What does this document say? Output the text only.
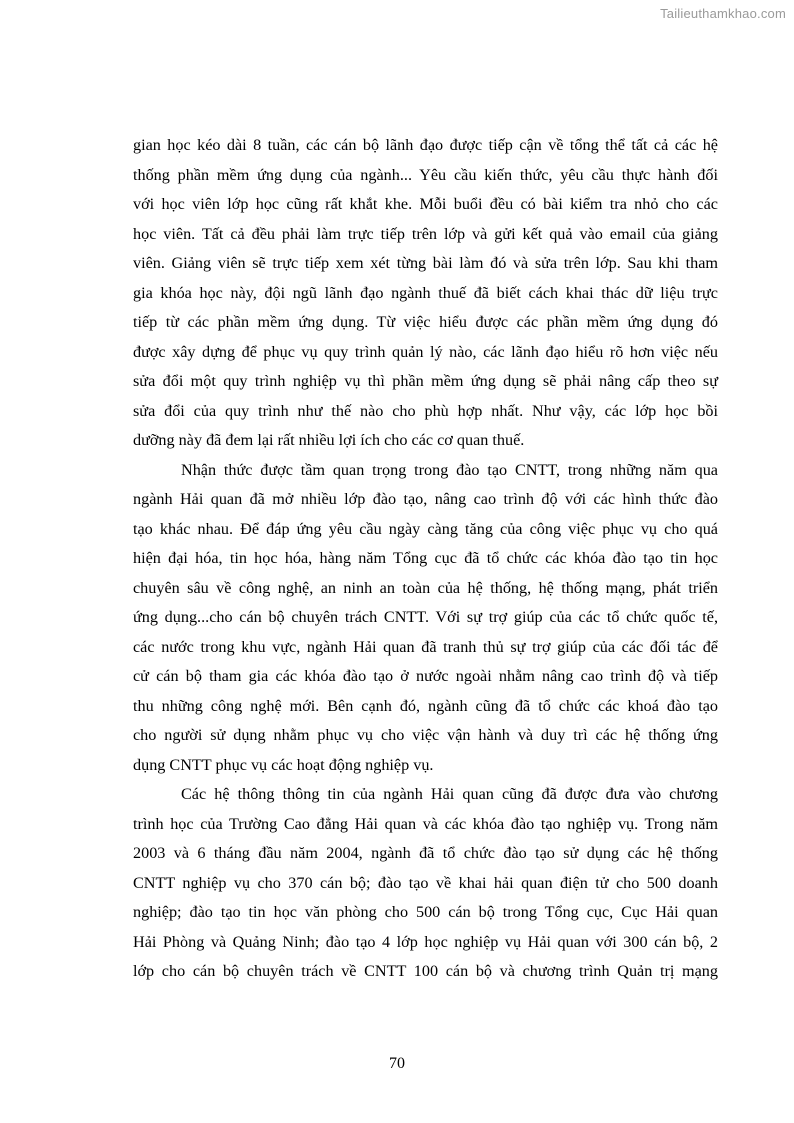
Tailieuthamkhao.com
gian học kéo dài 8 tuần, các cán bộ lãnh đạo được tiếp cận về tổng thể tất cả các hệ
thống phần mềm ứng dụng của ngành... Yêu cầu kiến thức, yêu cầu thực hành đối
với học viên lớp học cũng rất khắt khe. Mỗi buổi đều có bài kiểm tra nhỏ cho các
học viên. Tất cả đều phải làm trực tiếp trên lớp và gửi kết quả vào email của giảng
viên. Giảng viên sẽ trực tiếp xem xét từng bài làm đó và sửa trên lớp. Sau khi tham
gia khóa học này, đội ngũ lãnh đạo ngành thuế đã biết cách khai thác dữ liệu trực
tiếp từ các phần mềm ứng dụng. Từ việc hiểu được các phần mềm ứng dụng đó
được xây dựng để phục vụ quy trình quản lý nào, các lãnh đạo hiểu rõ hơn việc nếu
sửa đổi một quy trình nghiệp vụ thì phần mềm ứng dụng sẽ phải nâng cấp theo sự
sửa đổi của quy trình như thế nào cho phù hợp nhất. Như vậy, các lớp học bồi
dưỡng này đã đem lại rất nhiều lợi ích cho các cơ quan thuế.
Nhận thức được tầm quan trọng trong đào tạo CNTT, trong những năm qua
ngành Hải quan đã mở nhiều lớp đào tạo, nâng cao trình độ với các hình thức đào
tạo khác nhau. Để đáp ứng yêu cầu ngày càng tăng của công việc phục vụ cho quá
hiện đại hóa, tin học hóa, hàng năm Tổng cục đã tổ chức các khóa đào tạo tin học
chuyên sâu về công nghệ, an ninh an toàn của hệ thống, hệ thống mạng, phát triển
ứng dụng...cho cán bộ chuyên trách CNTT. Với sự trợ giúp của các tổ chức quốc tế,
các nước trong khu vực, ngành Hải quan đã tranh thủ sự trợ giúp của các đối tác để
cử cán bộ tham gia các khóa đào tạo ở nước ngoài nhằm nâng cao trình độ và tiếp
thu những công nghệ mới. Bên cạnh đó, ngành cũng đã tổ chức các khoá đào tạo
cho người sử dụng nhằm phục vụ cho việc vận hành và duy trì các hệ thống ứng
dụng CNTT phục vụ các hoạt động nghiệp vụ.
Các hệ thông thông tin của ngành Hải quan cũng đã được đưa vào chương
trình học của Trường Cao đẳng Hải quan và các khóa đào tạo nghiệp vụ. Trong năm
2003 và 6 tháng đầu năm 2004, ngành đã tổ chức đào tạo sử dụng các hệ thống
CNTT nghiệp vụ cho 370 cán bộ; đào tạo về khai hải quan điện tử cho 500 doanh
nghiệp; đào tạo tin học văn phòng cho 500 cán bộ trong Tổng cục, Cục Hải quan
Hải Phòng và Quảng Ninh; đào tạo 4 lớp học nghiệp vụ Hải quan với 300 cán bộ, 2
lớp cho cán bộ chuyên trách về CNTT 100 cán bộ và chương trình Quản trị mạng
70
